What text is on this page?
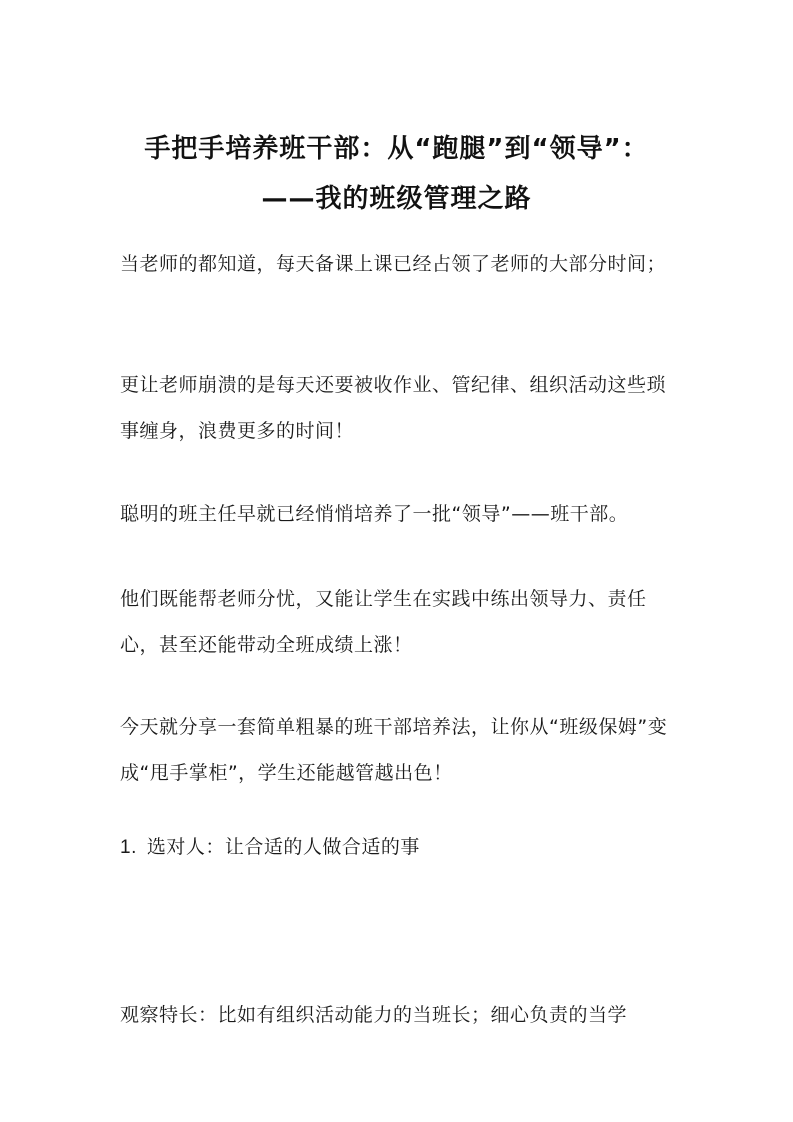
手把手培养班干部：从“跑腿”到“领导”：
——我的班级管理之路

当老师的都知道，每天备课上课已经占领了老师的大部分时间；

更让老师崩溃的是每天还要被收作业、管纪律、组织活动这些琐事缠身，浪费更多的时间！

聪明的班主任早就已经悄悄培养了一批“领导”——班干部。

他们既能帮老师分忧，又能让学生在实践中练出领导力、责任心，甚至还能带动全班成绩上涨！

今天就分享一套简单粗暴的班干部培养法，让你从“班级保姆”变成“甩手掌柜”，学生还能越管越出色！

1. 选对人：让合适的人做合适的事

观察特长：比如有组织活动能力的当班长；细心负责的当学
